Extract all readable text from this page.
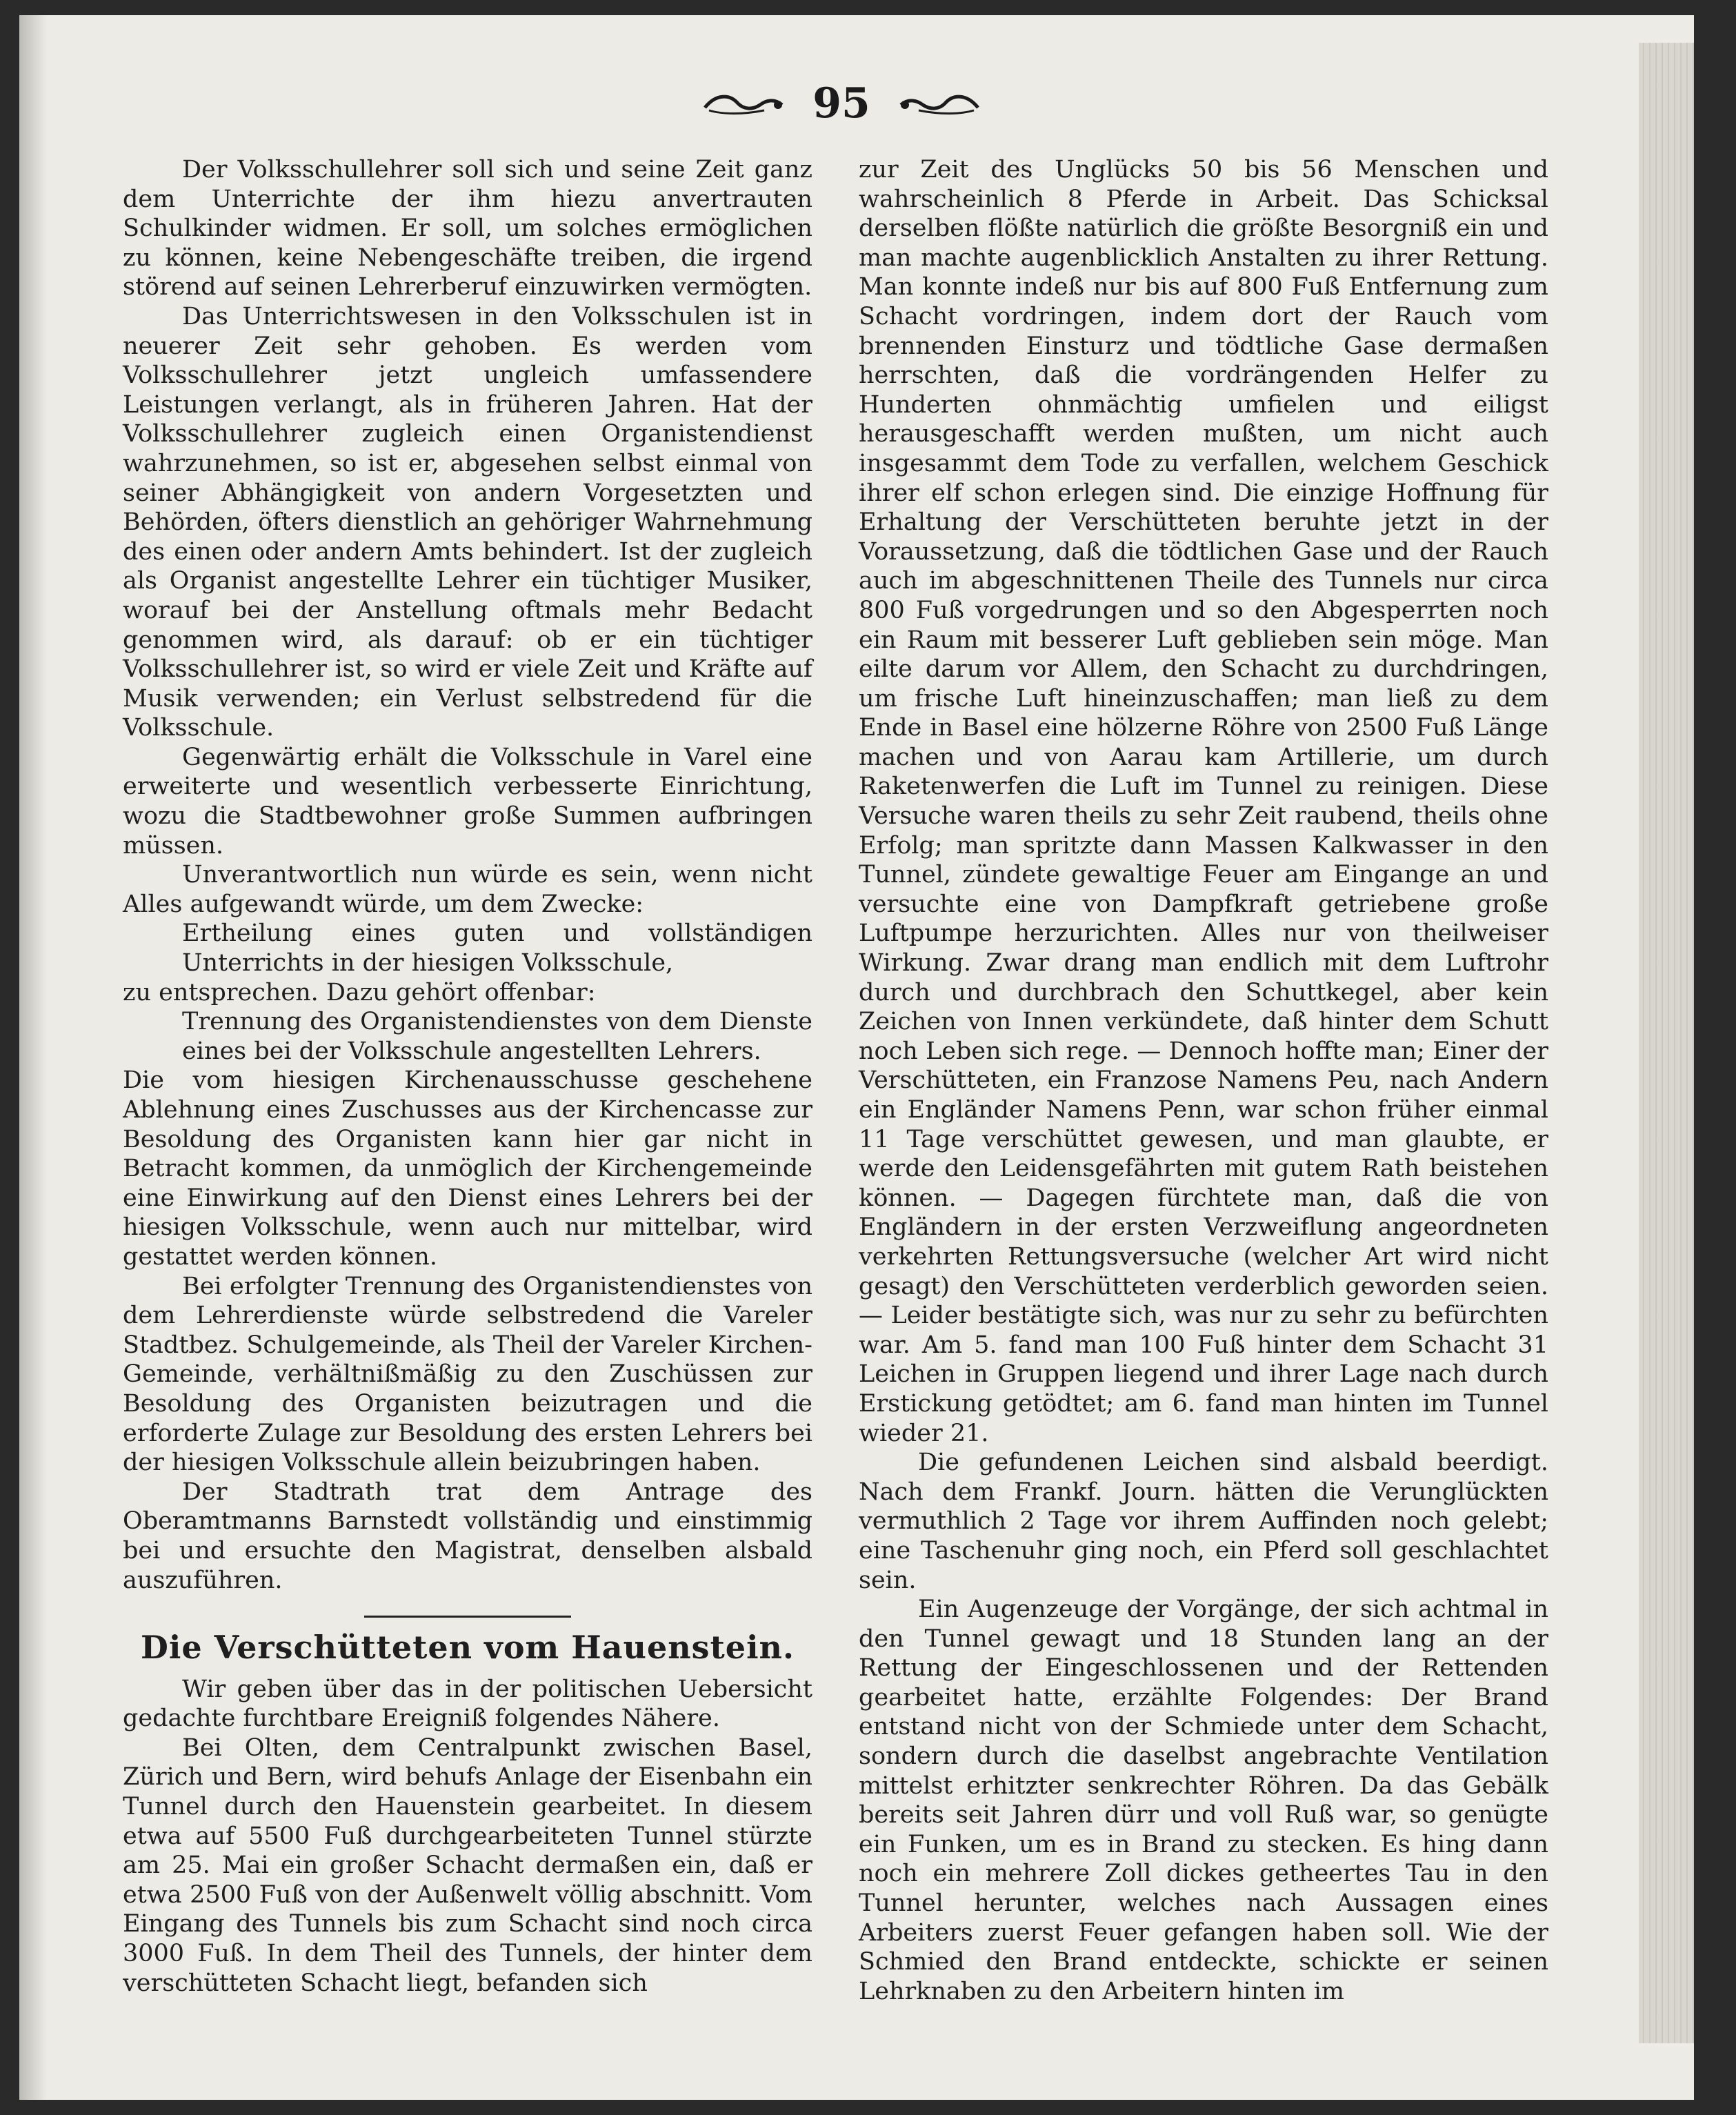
95

Der Volksschullehrer soll sich und seine Zeit ganz dem Unterrichte der ihm hiezu anvertrauten Schulkinder widmen. Er soll, um solches ermöglichen zu können, keine Nebengeschäfte treiben, die irgend störend auf seinen Lehrerberuf einzuwirken vermögten.

Das Unterrichtswesen in den Volksschulen ist in neuerer Zeit sehr gehoben. Es werden vom Volksschullehrer jetzt ungleich umfassendere Leistungen verlangt, als in früheren Jahren. Hat der Volksschullehrer zugleich einen Organistendienst wahrzunehmen, so ist er, abgesehen selbst einmal von seiner Abhängigkeit von andern Vorgesetzten und Behörden, öfters dienstlich an gehöriger Wahrnehmung des einen oder andern Amts behindert. Ist der zugleich als Organist angestellte Lehrer ein tüchtiger Musiker, worauf bei der Anstellung oftmals mehr Bedacht genommen wird, als darauf: ob er ein tüchtiger Volksschullehrer ist, so wird er viele Zeit und Kräfte auf Musik verwenden; ein Verlust selbstredend für die Volksschule.

Gegenwärtig erhält die Volksschule in Varel eine erweiterte und wesentlich verbesserte Einrichtung, wozu die Stadtbewohner große Summen aufbringen müssen.

Unverantwortlich nun würde es sein, wenn nicht Alles aufgewandt würde, um dem Zwecke:

Ertheilung eines guten und vollständigen Unterrichts in der hiesigen Volksschule,

zu entsprechen. Dazu gehört offenbar:

Trennung des Organistendienstes von dem Dienste eines bei der Volksschule angestellten Lehrers.

Die vom hiesigen Kirchenausschusse geschehene Ablehnung eines Zuschusses aus der Kirchencasse zur Besoldung des Organisten kann hier gar nicht in Betracht kommen, da unmöglich der Kirchengemeinde eine Einwirkung auf den Dienst eines Lehrers bei der hiesigen Volksschule, wenn auch nur mittelbar, wird gestattet werden können.

Bei erfolgter Trennung des Organistendienstes von dem Lehrerdienste würde selbstredend die Vareler Stadtbez. Schulgemeinde, als Theil der Vareler Kirchen-Gemeinde, verhältnißmäßig zu den Zuschüssen zur Besoldung des Organisten beizutragen und die erforderte Zulage zur Besoldung des ersten Lehrers bei der hiesigen Volksschule allein beizubringen haben.

Der Stadtrath trat dem Antrage des Oberamtmanns Barnstedt vollständig und einstimmig bei und ersuchte den Magistrat, denselben alsbald auszuführen.

Die Verschütteten vom Hauenstein.

Wir geben über das in der politischen Uebersicht gedachte furchtbare Ereigniß folgendes Nähere.

Bei Olten, dem Centralpunkt zwischen Basel, Zürich und Bern, wird behufs Anlage der Eisenbahn ein Tunnel durch den Hauenstein gearbeitet. In diesem etwa auf 5500 Fuß durchgearbeiteten Tunnel stürzte am 25. Mai ein großer Schacht dermaßen ein, daß er etwa 2500 Fuß von der Außenwelt völlig abschnitt. Vom Eingang des Tunnels bis zum Schacht sind noch circa 3000 Fuß. In dem Theil des Tunnels, der hinter dem verschütteten Schacht liegt, befanden sich

zur Zeit des Unglücks 50 bis 56 Menschen und wahrscheinlich 8 Pferde in Arbeit. Das Schicksal derselben flößte natürlich die größte Besorgniß ein und man machte augenblicklich Anstalten zu ihrer Rettung. Man konnte indeß nur bis auf 800 Fuß Entfernung zum Schacht vordringen, indem dort der Rauch vom brennenden Einsturz und tödtliche Gase dermaßen herrschten, daß die vordrängenden Helfer zu Hunderten ohnmächtig umfielen und eiligst herausgeschafft werden mußten, um nicht auch insgesammt dem Tode zu verfallen, welchem Geschick ihrer elf schon erlegen sind. Die einzige Hoffnung für Erhaltung der Verschütteten beruhte jetzt in der Voraussetzung, daß die tödtlichen Gase und der Rauch auch im abgeschnittenen Theile des Tunnels nur circa 800 Fuß vorgedrungen und so den Abgesperrten noch ein Raum mit besserer Luft geblieben sein möge. Man eilte darum vor Allem, den Schacht zu durchdringen, um frische Luft hineinzuschaffen; man ließ zu dem Ende in Basel eine hölzerne Röhre von 2500 Fuß Länge machen und von Aarau kam Artillerie, um durch Raketenwerfen die Luft im Tunnel zu reinigen. Diese Versuche waren theils zu sehr Zeit raubend, theils ohne Erfolg; man spritzte dann Massen Kalkwasser in den Tunnel, zündete gewaltige Feuer am Eingange an und versuchte eine von Dampfkraft getriebene große Luftpumpe herzurichten. Alles nur von theilweiser Wirkung. Zwar drang man endlich mit dem Luftrohr durch und durchbrach den Schuttkegel, aber kein Zeichen von Innen verkündete, daß hinter dem Schutt noch Leben sich rege. — Dennoch hoffte man; Einer der Verschütteten, ein Franzose Namens Peu, nach Andern ein Engländer Namens Penn, war schon früher einmal 11 Tage verschüttet gewesen, und man glaubte, er werde den Leidensgefährten mit gutem Rath beistehen können. — Dagegen fürchtete man, daß die von Engländern in der ersten Verzweiflung angeordneten verkehrten Rettungsversuche (welcher Art wird nicht gesagt) den Verschütteten verderblich geworden seien. — Leider bestätigte sich, was nur zu sehr zu befürchten war. Am 5. fand man 100 Fuß hinter dem Schacht 31 Leichen in Gruppen liegend und ihrer Lage nach durch Erstickung getödtet; am 6. fand man hinten im Tunnel wieder 21.

Die gefundenen Leichen sind alsbald beerdigt. Nach dem Frankf. Journ. hätten die Verunglückten vermuthlich 2 Tage vor ihrem Auffinden noch gelebt; eine Taschenuhr ging noch, ein Pferd soll geschlachtet sein.

Ein Augenzeuge der Vorgänge, der sich achtmal in den Tunnel gewagt und 18 Stunden lang an der Rettung der Eingeschlossenen und der Rettenden gearbeitet hatte, erzählte Folgendes: Der Brand entstand nicht von der Schmiede unter dem Schacht, sondern durch die daselbst angebrachte Ventilation mittelst erhitzter senkrechter Röhren. Da das Gebälk bereits seit Jahren dürr und voll Ruß war, so genügte ein Funken, um es in Brand zu stecken. Es hing dann noch ein mehrere Zoll dickes getheertes Tau in den Tunnel herunter, welches nach Aussagen eines Arbeiters zuerst Feuer gefangen haben soll. Wie der Schmied den Brand entdeckte, schickte er seinen Lehrknaben zu den Arbeitern hinten im
